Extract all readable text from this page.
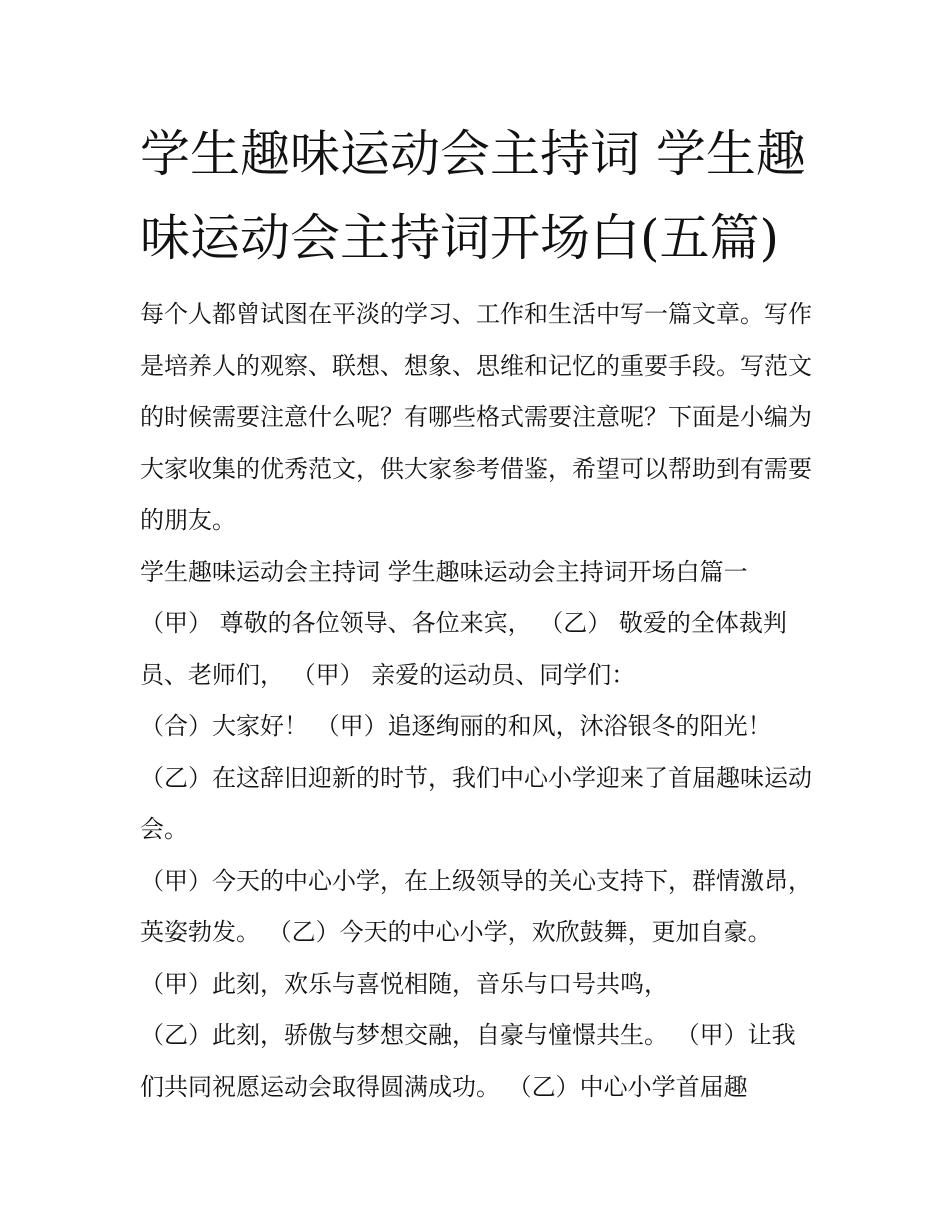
学生趣味运动会主持词 学生趣味运动会主持词开场白(五篇)

每个人都曾试图在平淡的学习、工作和生活中写一篇文章。写作是培养人的观察、联想、想象、思维和记忆的重要手段。写范文的时候需要注意什么呢？有哪些格式需要注意呢？下面是小编为大家收集的优秀范文，供大家参考借鉴，希望可以帮助到有需要的朋友。

学生趣味运动会主持词 学生趣味运动会主持词开场白篇一

（甲） 尊敬的各位领导、各位来宾， （乙） 敬爱的全体裁判员、老师们， （甲） 亲爱的运动员、同学们：

（合）大家好！ （甲）追逐绚丽的和风，沐浴银冬的阳光！

（乙）在这辞旧迎新的时节，我们中心小学迎来了首届趣味运动会。

（甲）今天的中心小学，在上级领导的关心支持下，群情激昂，英姿勃发。 （乙）今天的中心小学，欢欣鼓舞，更加自豪。 （甲）此刻，欢乐与喜悦相随，音乐与口号共鸣，

（乙）此刻，骄傲与梦想交融，自豪与憧憬共生。 （甲）让我们共同祝愿运动会取得圆满成功。 （乙）中心小学首届趣
